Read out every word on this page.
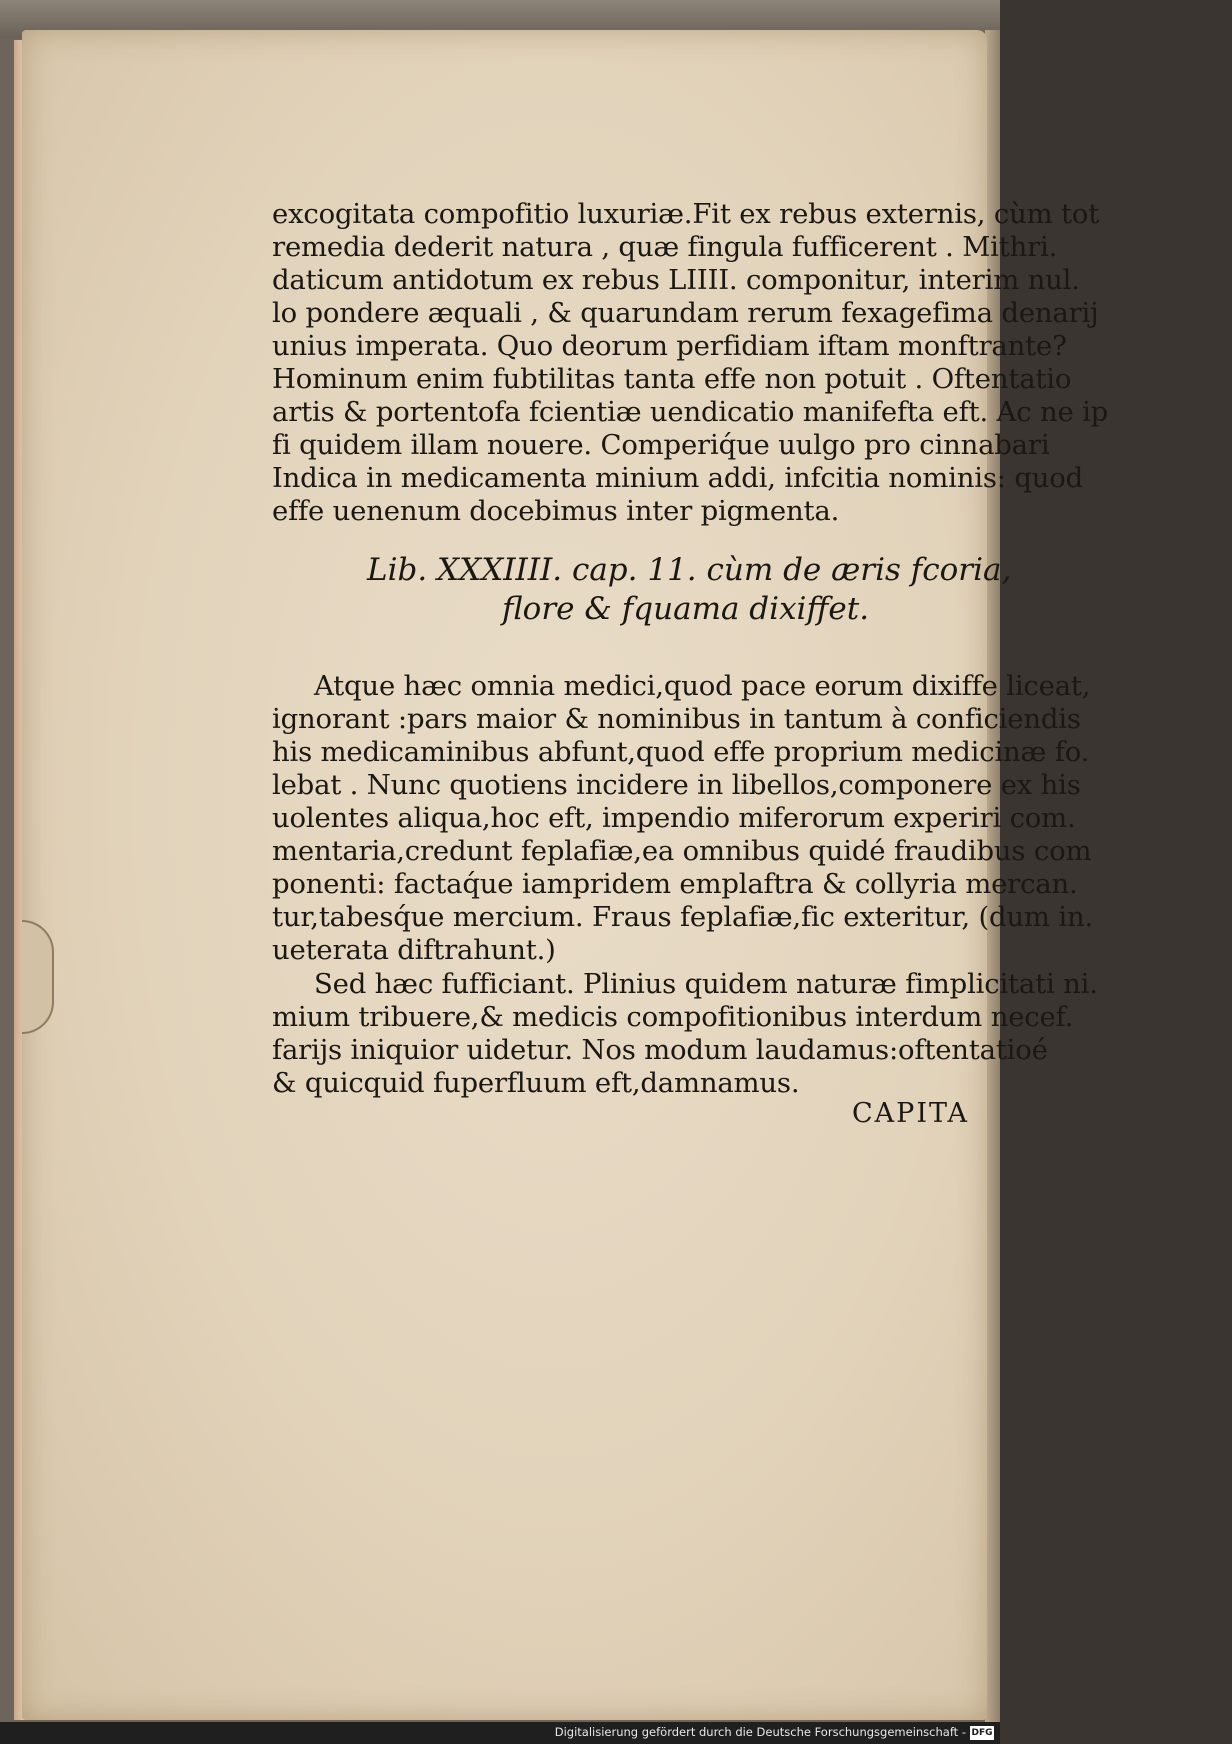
excogitata compofitio luxuriæ.Fit ex rebus externis, cùm tot
remedia dederit natura , quæ fingula fufficerent . Mithri.
daticum antidotum ex rebus LIIII. componitur, interim nul.
lo pondere æquali , & quarundam rerum fexagefima denarij
unius imperata. Quo deorum perfidiam iftam monftrante?
Hominum enim fubtilitas tanta effe non potuit . Oftentatio
artis & portentofa fcientiæ uendicatio manifefta eft. Ac ne ip
fi quidem illam nouere. Comperiq́ue uulgo pro cinnabari
Indica in medicamenta minium addi, infcitia nominis: quod
effe uenenum docebimus inter pigmenta.
Lib. XXXIIII. cap. 11. cùm de æris fcoria,
flore & fquama dixiffet.
Atque hæc omnia medici,quod pace eorum dixiffe liceat,
ignorant :pars maior & nominibus in tantum à conficiendis
his medicaminibus abfunt,quod effe proprium medicinæ fo.
lebat . Nunc quotiens incidere in libellos,componere ex his
uolentes aliqua,hoc eft, impendio miferorum experiri com.
mentaria,credunt feplafiæ,ea omnibus quidé fraudibus com
ponenti: factaq́ue iampridem emplaftra & collyria mercan.
tur,tabesq́ue mercium. Fraus feplafiæ,fic exteritur, (dum in.
ueterata diftrahunt.)
Sed hæc fufficiant. Plinius quidem naturæ fimplicitati ni.
mium tribuere,& medicis compofitionibus interdum necef.
farijs iniquior uidetur. Nos modum laudamus:oftentatioé
& quicquid fuperfluum eft,damnamus.
CAPITA
Digitalisierung gefördert durch die Deutsche Forschungsgemeinschaft - DFG
